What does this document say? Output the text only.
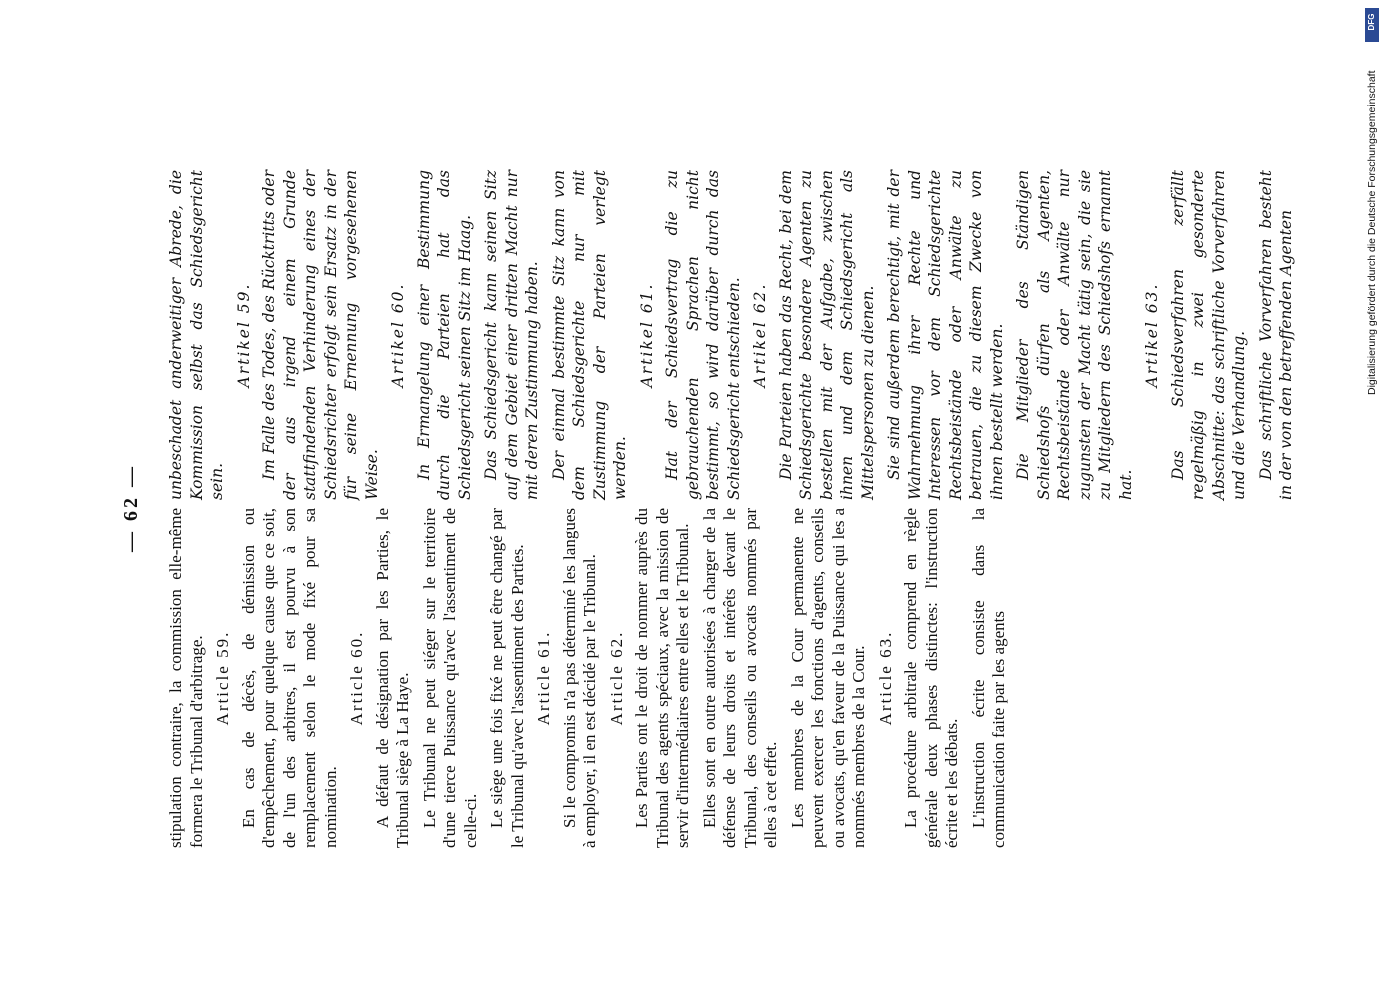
— 62 — stipulation contraire, la commission elle-même formera le Tribunal d'arbitrage. Article 59. En cas de décès, de démission ou d'empêchement, pour quelque cause que ce soit, de l'un des arbitres, il est pourvu à son remplacement selon le mode fixé pour sa nomination.

Article 60. A défaut de désignation par les Parties, le Tribunal siège à La Haye. Le Tribunal ne peut siéger sur le territoire d'une tierce Puissance qu'avec l'assentiment de celle-ci. Le siège une fois fixé ne peut être changé par le Tribunal qu'avec l'assentiment des Parties. Article 61. Si le compromis n'a pas déterminé les langues à employer, il en est décidé par le Tribunal. Article 62. Les Parties ont le droit de nommer auprès du Tribunal des agents spéciaux, avec la mission de servir d'intermédiaires entre elles et le Tribunal. Elles sont en outre autorisées à charger de la défense de leurs droits et intérêts devant le Tribunal, des conseils ou avocats nommés par elles à cet effet. Les membres de la Cour permanente ne peuvent exercer les fonctions d'agents, conseils ou avocats, qu'en faveur de la Puissance qui les a nommés membres de la Cour. Article 63. La procédure arbitrale comprend en règle générale deux phases distinctes: l'instruction écrite et les débats. L'instruction écrite consiste dans la communication faite par les agents

unbeschadet anderweitiger Abrede, die Kommission selbst das Schiedsgericht sein.

Artikel 59. Im Falle des Todes, des Rücktritts oder der aus irgend einem Grunde stattfindenden Verhinderung eines der Schiedsrichter erfolgt sein Ersatz in der für seine Ernennung vorgesehenen Weise.

Artikel 60. In Ermangelung einer Bestimmung durch die Parteien hat das Schiedsgericht seinen Sitz im Haag. Das Schiedsgericht kann seinen Sitz auf dem Gebiet einer dritten Macht nur mit deren Zustimmung haben. Der einmal bestimmte Sitz kann von dem Schiedsgerichte nur mit Zustimmung der Parteien verlegt werden.

Artikel 61. Hat der Schiedsvertrag die zu gebrauchenden Sprachen nicht bestimmt, so wird darüber durch das Schiedsgericht entschieden. Artikel 62. Die Parteien haben das Recht, bei dem Schiedsgerichte besondere Agenten zu bestellen mit der Aufgabe, zwischen ihnen und dem Schiedsgericht als Mittelspersonen zu dienen. Sie sind außerdem berechtigt, mit der Wahrnehmung ihrer Rechte und Interessen vor dem Schiedsgerichte Rechtsbeistände oder Anwälte zu betrauen, die zu diesem Zwecke von ihnen bestellt werden. Die Mitglieder des Ständigen Schiedshofs dürfen als Agenten, Rechtsbeistände oder Anwälte nur zugunsten der Macht tätig sein, die sie zu Mitgliedern des Schiedshofs ernannt hat.

Artikel 63. Das Schiedsverfahren zerfällt regelmäßig in zwei gesonderte Abschnitte: das schriftliche Vorverfahren und die Verhandlung. Das schriftliche Vorverfahren besteht in der von den betreffenden Agenten

DFG
Digitalisierung gefördert durch die Deutsche Forschungsgemeinschaft
